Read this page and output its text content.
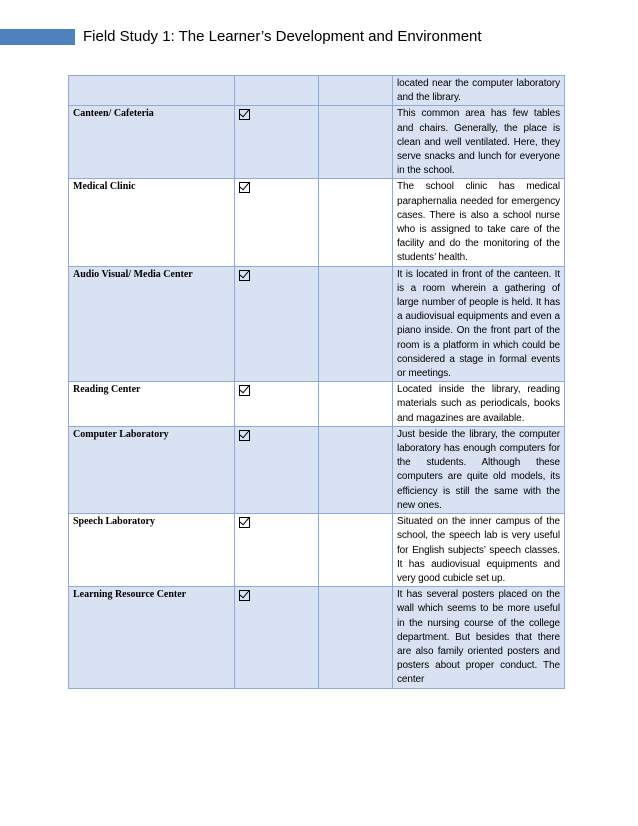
Field Study 1: The Learner’s Development and Environment
			located near the computer laboratory and the library.
Canteen/ Cafeteria			This common area has few tables and chairs. Generally, the place is clean and well ventilated. Here, they serve snacks and lunch for everyone in the school.
Medical Clinic			The school clinic has medical paraphernalia needed for emergency cases. There is also a school nurse who is assigned to take care of the facility and do the monitoring of the students’ health.
Audio Visual/ Media Center			It is located in front of the canteen. It is a room wherein a gathering of large number of people is held. It has a audiovisual equipments and even a piano inside. On the front part of the room is a platform in which could be considered a stage in formal events or meetings.
Reading Center			Located inside the library, reading materials such as periodicals, books and magazines are available.
Computer Laboratory			Just beside the library, the computer laboratory has enough computers for the students. Although these computers are quite old models, its efficiency is still the same with the new ones.
Speech Laboratory			Situated on the inner campus of the school, the speech lab is very useful for English subjects’ speech classes. It has audiovisual equipments and very good cubicle set up.
Learning Resource Center			It has several posters placed on the wall which seems to be more useful in the nursing course of the college department. But besides that there are also family oriented posters and posters about proper conduct. The center
